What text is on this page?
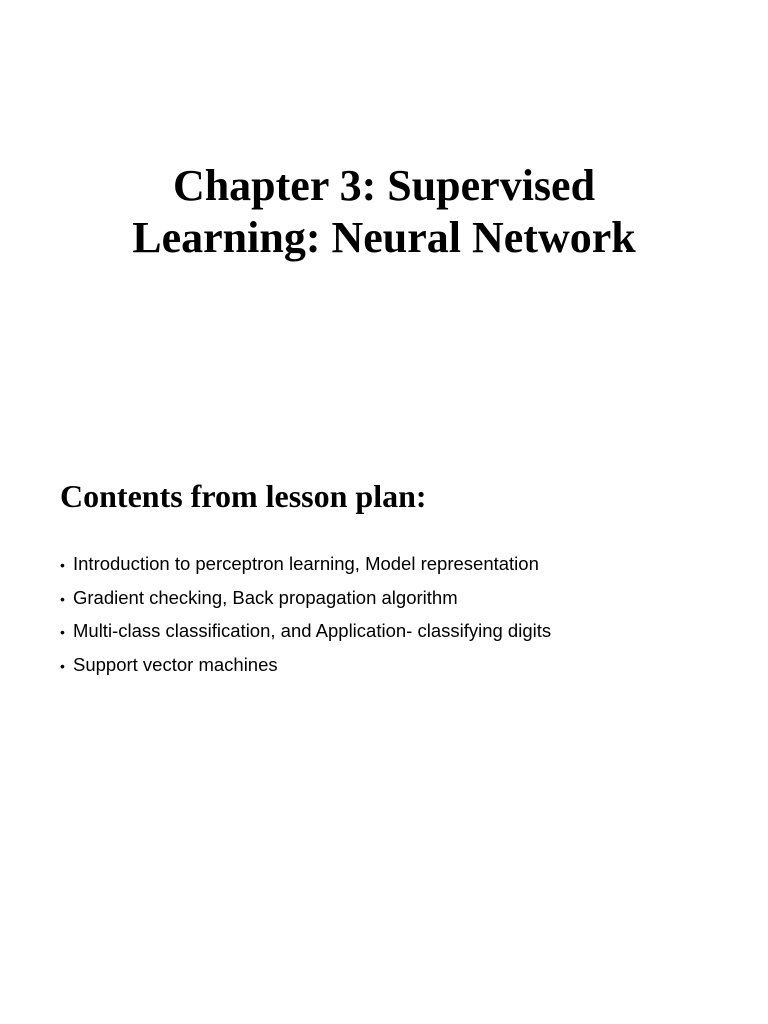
Chapter 3: Supervised
Learning: Neural Network
Contents from lesson plan:
• Introduction to perceptron learning, Model representation
• Gradient checking, Back propagation algorithm
• Multi-class classification, and Application- classifying digits
• Support vector machines
